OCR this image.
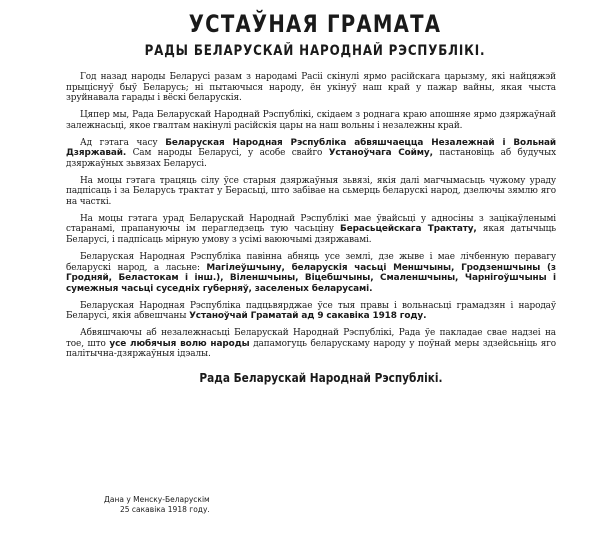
УСТАЎНАЯ ГРАМАТА
РАДЫ БЕЛАРУСКАЙ НАРОДНАЙ РЭСПУБЛІКІ.

Год назад народы Беларусі разам з народамі Расіі скінулі ярмо расійскага царызму, які найцяжэй прыціснуў быў Беларусь; ні пытаючыся народу, ён укінуў наш край у пажар вайны, якая чыста зруйнавала гарады і вёскі беларускія.

Цяпер мы, Рада Беларускай Народнай Рэспублікі, скідаем з роднага краю апошняе ярмо дзяржаўнай залежнасьці, якое гвалтам накінулі расійскія цары на наш вольны і незалежны край.

Ад гэтага часу Беларуская Народная Рэспубліка абвяшчаецца Незалежнай і Вольнай Дзяржавай. Сам народы Беларусі, у асобе свайго Устаноўчага Сойму, пастановіць аб будучых дзяржаўных зьвязах Беларусі.

На моцы гэтага трацяць сілу ўсе старыя дзяржаўныя зьвязі, якія далі магчымасьць чужому ураду падпісаць і за Беларусь трактат у Берасьці, што забівае на сьмерць беларускі народ, дзелючы зямлю яго на часткі.

На моцы гэтага урад Беларускай Народнай Рэспублікі мае ўвайсьці у адносіны з зацікаўленымі старанамі, прапануючы ім перагледзець тую часьціну Берасьцейскага Трактату, якая датычыць Беларусі, і падпісаць мірную умову з усімі ваюючымі дзяржавамі.

Беларуская Народная Рэспубліка павінна абняць усе землі, дзе жыве і мае лічбенную перавагу беларускі народ, а ласьне: Магілеўшчыну, беларускія часьці Меншчыны, Гродзеншчыны (з Гродняй, Беластокам і інш.), Віленшчыны, Віцебшчыны, Смаленшчыны, Чарнігоўшчыны і сумежныя часьці суседніх губерняў, заселеных беларусамі.

Беларуская Народная Рэспубліка падцьвярджае ўсе тыя правы і вольнасьці грамадзян і народаў Беларусі, якія абвешчаны Устаноўчай Граматай ад 9 сакавіка 1918 году.

Абвяшчаючы аб незалежнасьці Беларускай Народнай Рэспублікі, Рада ўе пакладае свае надзеі на тое, што усе любячыя волю народы дапамогуць беларускаму народу у поўнай меры здзейсьніць яго палітычна-дзяржаўныя ідэалы.

Рада Беларускай Народнай Рэспублікі.
Дана у Менску-Беларускім
25 сакавіка 1918 году.
